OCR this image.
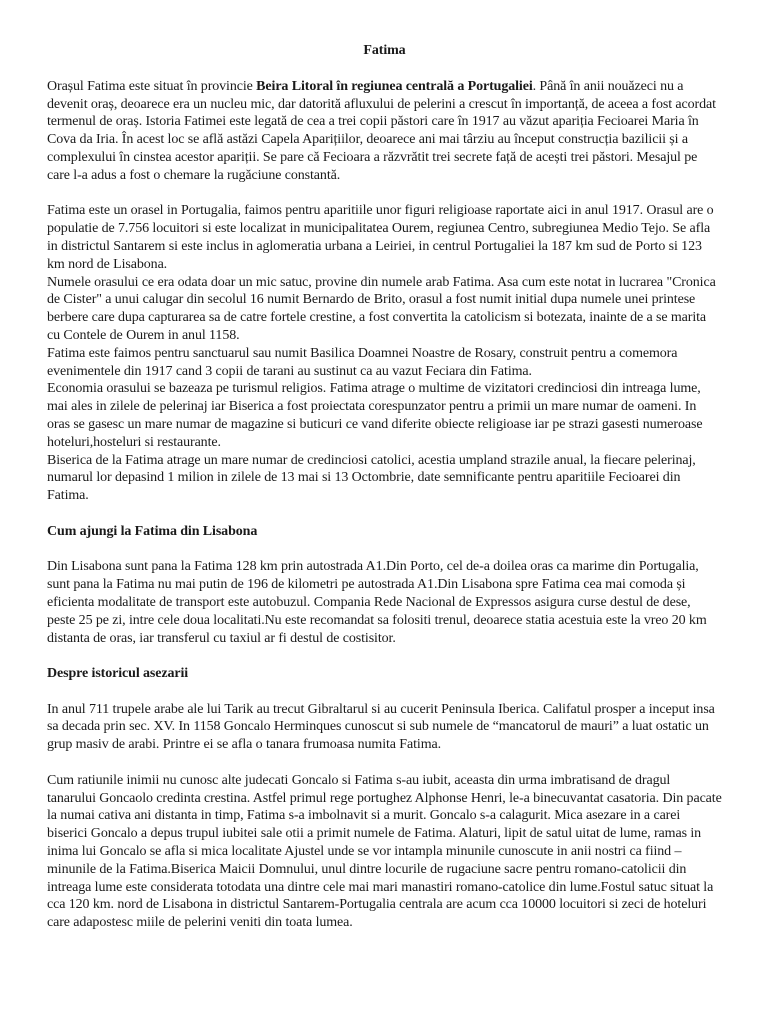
Fatima

Orașul Fatima este situat în provincie Beira Litoral în regiunea centrală a Portugaliei. Până în anii nouăzeci nu a devenit oraș, deoarece era un nucleu mic, dar datorită afluxului de pelerini a crescut în importanță, de aceea a fost acordat termenul de oraș. Istoria Fatimei este legată de cea a trei copii păstori care în 1917 au văzut apariția Fecioarei Maria în Cova da Iria. În acest loc se află astăzi Capela Aparițiilor, deoarece ani mai târziu au început construcția bazilicii și a complexului în cinstea acestor apariții. Se pare că Fecioara a răzvrătit trei secrete față de acești trei păstori. Mesajul pe care l-a adus a fost o chemare la rugăciune constantă.

Fatima este un orasel in Portugalia, faimos pentru aparitiile unor figuri religioase raportate aici in anul 1917. Orasul are o populatie de 7.756 locuitori si este localizat in municipalitatea Ourem, regiunea Centro, subregiunea Medio Tejo. Se afla in districtul Santarem si este inclus in aglomeratia urbana a Leiriei, in centrul Portugaliei la 187 km sud de Porto si 123 km nord de Lisabona.

Numele orasului ce era odata doar un mic satuc, provine din numele arab Fatima. Asa cum este notat in lucrarea "Cronica de Cister" a unui calugar din secolul 16 numit Bernardo de Brito, orasul a fost numit initial dupa numele unei printese berbere care dupa capturarea sa de catre fortele crestine, a fost convertita la catolicism si botezata, inainte de a se marita cu Contele de Ourem in anul 1158.

Fatima este faimos pentru sanctuarul sau numit Basilica Doamnei Noastre de Rosary, construit pentru a comemora evenimentele din 1917 cand 3 copii de tarani au sustinut ca au vazut Feciara din Fatima.

Economia orasului se bazeaza pe turismul religios. Fatima atrage o multime de vizitatori credinciosi din intreaga lume, mai ales in zilele de pelerinaj iar Biserica a fost proiectata corespunzator pentru a primii un mare numar de oameni. In oras se gasesc un mare numar de magazine si buticuri ce vand diferite obiecte religioase iar pe strazi gasesti numeroase hoteluri,hosteluri si restaurante.

Biserica de la Fatima atrage un mare numar de credinciosi catolici, acestia umpland strazile anual, la fiecare pelerinaj, numarul lor depasind 1 milion in zilele de 13 mai si 13 Octombrie, date semnificante pentru aparitiile Fecioarei din Fatima.

Cum ajungi la Fatima din Lisabona

Din Lisabona sunt pana la Fatima 128 km prin autostrada A1.Din Porto, cel de-a doilea oras ca marime din Portugalia, sunt pana la Fatima nu mai putin de 196 de kilometri pe autostrada A1.Din Lisabona spre Fatima cea mai comoda și eficienta modalitate de transport este autobuzul. Compania Rede Nacional de Expressos asigura curse destul de dese, peste 25 pe zi, intre cele doua localitati.Nu este recomandat sa folositi trenul, deoarece statia acestuia este la vreo 20 km distanta de oras, iar transferul cu taxiul ar fi destul de costisitor.

Despre istoricul asezarii

In anul 711 trupele arabe ale lui Tarik au trecut Gibraltarul si au cucerit Peninsula Iberica. Califatul prosper a inceput insa sa decada prin sec. XV. In 1158 Goncalo Herminques cunoscut si sub numele de “mancatorul de mauri” a luat ostatic un grup masiv de arabi. Printre ei se afla o tanara frumoasa numita Fatima.

Cum ratiunile inimii nu cunosc alte judecati Goncalo si Fatima s-au iubit, aceasta din urma imbratisand de dragul tanarului Goncaolo credinta crestina. Astfel primul rege portughez Alphonse Henri, le-a binecuvantat casatoria. Din pacate la numai cativa ani distanta in timp, Fatima s-a imbolnavit si a murit. Goncalo s-a calagurit. Mica asezare in a carei biserici Goncalo a depus trupul iubitei sale otii a primit numele de Fatima. Alaturi, lipit de satul uitat de lume, ramas in inima lui Goncalo se afla si mica localitate Ajustel unde se vor intampla minunile cunoscute in anii nostri ca fiind – minunile de la Fatima.Biserica Maicii Domnului, unul dintre locurile de rugaciune sacre pentru romano-catolicii din intreaga lume este considerata totodata una dintre cele mai mari manastiri romano-catolice din lume.Fostul satuc situat la cca 120 km. nord de Lisabona in districtul Santarem-Portugalia centrala are acum cca 10000 locuitori si zeci de hoteluri care adapostesc miile de pelerini veniti din toata lumea.
